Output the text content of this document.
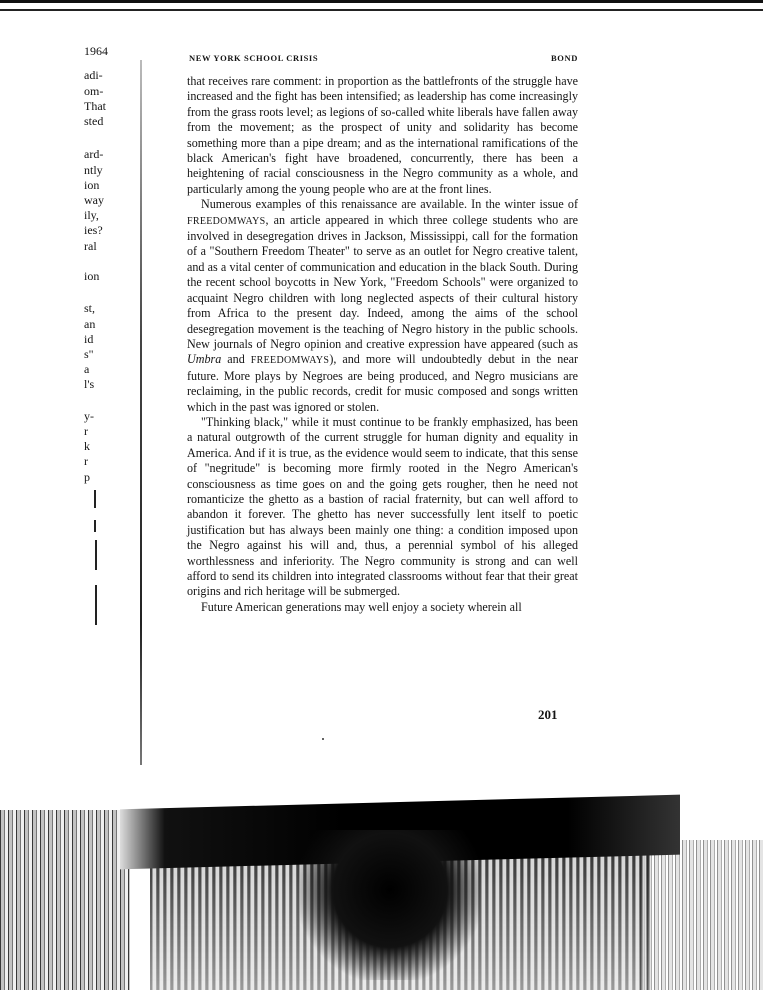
1964
adi-
om-
That
sted
ard-
ntly
ion
way
ily,
ies?
ral
ion
st,
an
id
s"
a
l's
y-
r
k
r
p
NEW YORK SCHOOL CRISIS	BOND

that receives rare comment: in proportion as the battlefronts of the struggle have increased and the fight has been intensified; as leadership has come increasingly from the grass roots level; as legions of so-called white liberals have fallen away from the movement; as the prospect of unity and solidarity has become something more than a pipe dream; and as the international ramifications of the black American's fight have broadened, concurrently, there has been a heightening of racial consciousness in the Negro community as a whole, and particularly among the young people who are at the front lines.

Numerous examples of this renaissance are available. In the winter issue of FREEDOMWAYS, an article appeared in which three college students who are involved in desegregation drives in Jackson, Mississippi, call for the formation of a "Southern Freedom Theater" to serve as an outlet for Negro creative talent, and as a vital center of communication and education in the black South. During the recent school boycotts in New York, "Freedom Schools" were organized to acquaint Negro children with long neglected aspects of their cultural history from Africa to the present day. Indeed, among the aims of the school desegregation movement is the teaching of Negro history in the public schools. New journals of Negro opinion and creative expression have appeared (such as Umbra and FREEDOMWAYS), and more will undoubtedly debut in the near future. More plays by Negroes are being produced, and Negro musicians are reclaiming, in the public records, credit for music composed and songs written which in the past was ignored or stolen.

"Thinking black," while it must continue to be frankly emphasized, has been a natural outgrowth of the current struggle for human dignity and equality in America. And if it is true, as the evidence would seem to indicate, that this sense of "negritude" is becoming more firmly rooted in the Negro American's consciousness as time goes on and the going gets rougher, then he need not romanticize the ghetto as a bastion of racial fraternity, but can well afford to abandon it forever. The ghetto has never successfully lent itself to poetic justification but has always been mainly one thing: a condition imposed upon the Negro against his will and, thus, a perennial symbol of his alleged worthlessness and inferiority. The Negro community is strong and can well afford to send its children into integrated classrooms without fear that their great origins and rich heritage will be submerged.

Future American generations may well enjoy a society wherein all

201
